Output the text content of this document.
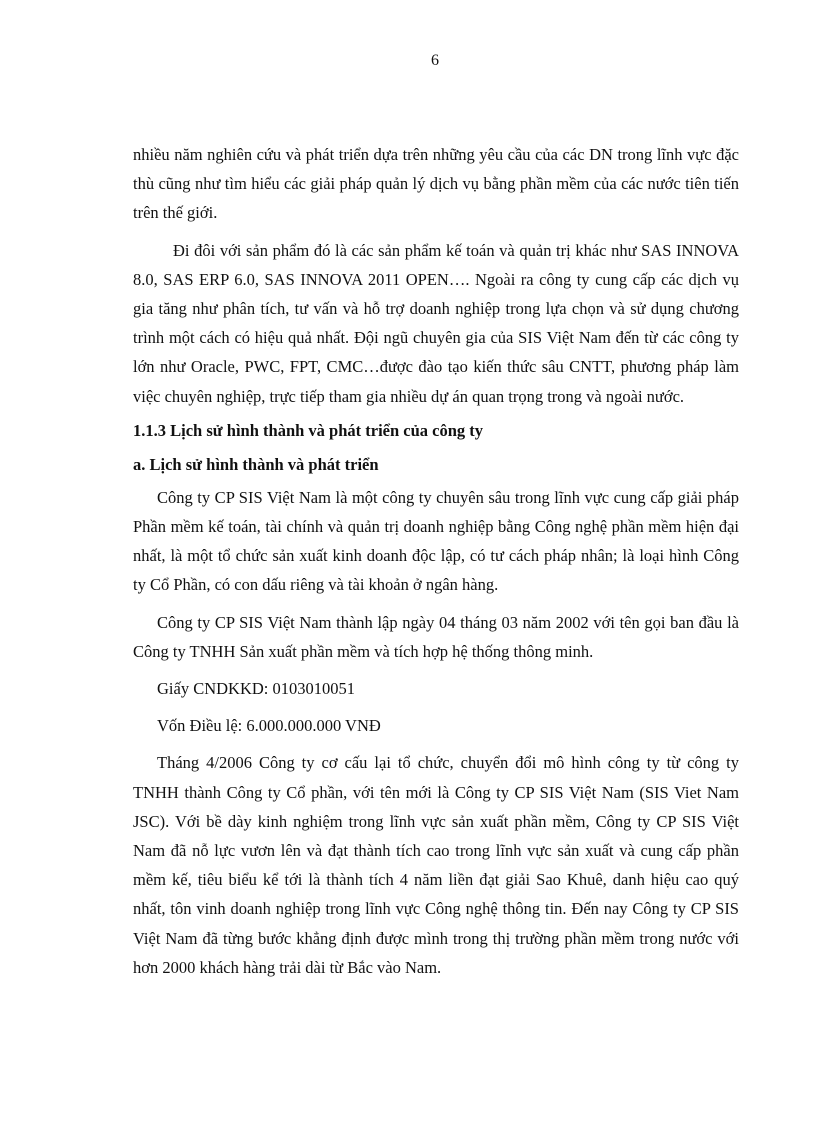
6

nhiều năm nghiên cứu và phát triển dựa trên những yêu cầu của các DN trong lĩnh vực đặc thù cũng như tìm hiểu các giải pháp quản lý dịch vụ bằng phần mềm của các nước tiên tiến trên thế giới.

Đi đôi với sản phẩm đó là các sản phẩm kế toán và quản trị khác như SAS INNOVA 8.0, SAS ERP 6.0, SAS INNOVA 2011 OPEN…. Ngoài ra công ty cung cấp các dịch vụ gia tăng như phân tích, tư vấn và hỗ trợ doanh nghiệp trong lựa chọn và sử dụng chương trình một cách có hiệu quả nhất. Đội ngũ chuyên gia của SIS Việt Nam đến từ các công ty lớn như Oracle, PWC, FPT, CMC…được đào tạo kiến thức sâu CNTT, phương pháp làm việc chuyên nghiệp, trực tiếp tham gia nhiều dự án quan trọng trong và ngoài nước.

1.1.3 Lịch sử hình thành và phát triển của công ty
a. Lịch sử hình thành và phát triển

Công ty CP SIS Việt Nam là một công ty chuyên sâu trong lĩnh vực cung cấp giải pháp Phần mềm kế toán, tài chính và quản trị doanh nghiệp bằng Công nghệ phần mềm hiện đại nhất, là một tổ chức sản xuất kinh doanh độc lập, có tư cách pháp nhân; là loại hình Công ty Cổ Phần, có con dấu riêng và tài khoản ở ngân hàng.

Công ty CP SIS Việt Nam thành lập ngày 04 tháng 03 năm 2002 với tên gọi ban đầu là Công ty TNHH Sản xuất phần mềm và tích hợp hệ thống thông minh.

Giấy CNDKKD: 0103010051

Vốn Điều lệ: 6.000.000.000 VNĐ

Tháng 4/2006 Công ty cơ cấu lại tổ chức, chuyển đổi mô hình công ty từ công ty TNHH thành Công ty Cổ phần, với tên mới là Công ty CP SIS Việt Nam (SIS Viet Nam JSC). Với bề dày kinh nghiệm trong lĩnh vực sản xuất phần mềm, Công ty CP SIS Việt Nam đã nỗ lực vươn lên và đạt thành tích cao trong lĩnh vực sản xuất và cung cấp phần mềm kế, tiêu biểu kể tới là thành tích 4 năm liền đạt giải Sao Khuê, danh hiệu cao quý nhất, tôn vinh doanh nghiệp trong lĩnh vực Công nghệ thông tin. Đến nay Công ty CP SIS Việt Nam đã từng bước khẳng định được mình trong thị trường phần mềm trong nước với hơn 2000 khách hàng trải dài từ Bắc vào Nam.
